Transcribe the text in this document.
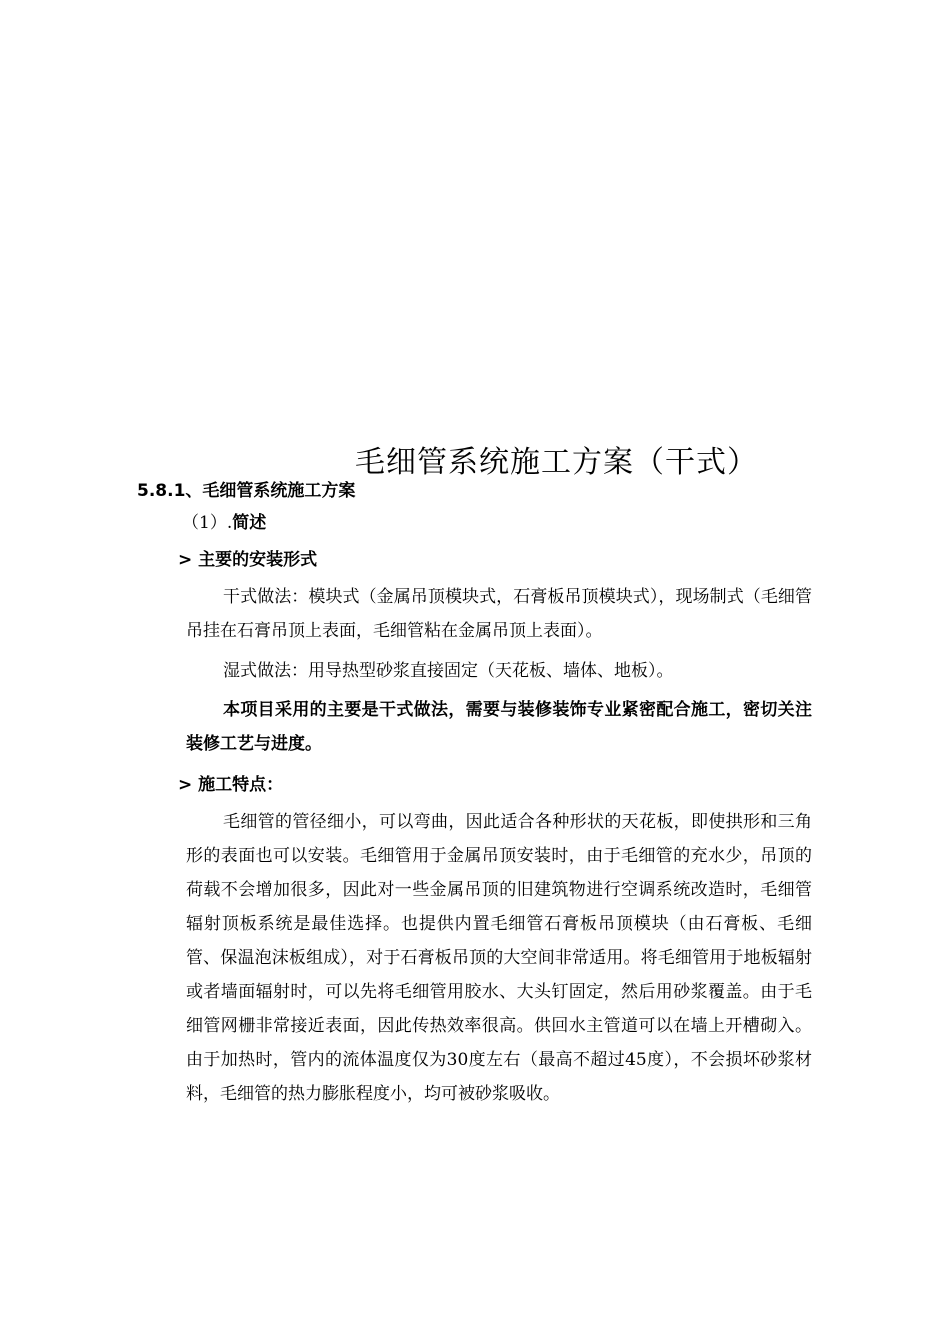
毛细管系统施工方案（干式）
5.8.1、毛细管系统施工方案
（1）.简述
> 主要的安装形式

干式做法：模块式（金属吊顶模块式，石膏板吊顶模块式），现场制式（毛细管吊挂在石膏吊顶上表面，毛细管粘在金属吊顶上表面）。

湿式做法：用导热型砂浆直接固定（天花板、墙体、地板）。

本项目采用的主要是干式做法，需要与装修装饰专业紧密配合施工，密切关注装修工艺与进度。

> 施工特点：

毛细管的管径细小，可以弯曲，因此适合各种形状的天花板，即使拱形和三角形的表面也可以安装。毛细管用于金属吊顶安装时，由于毛细管的充水少，吊顶的荷载不会增加很多，因此对一些金属吊顶的旧建筑物进行空调系统改造时，毛细管辐射顶板系统是最佳选择。也提供内置毛细管石膏板吊顶模块（由石膏板、毛细管、保温泡沫板组成），对于石膏板吊顶的大空间非常适用。将毛细管用于地板辐射或者墙面辐射时，可以先将毛细管用胶水、大头钉固定，然后用砂浆覆盖。由于毛细管网栅非常接近表面，因此传热效率很高。供回水主管道可以在墙上开槽砌入。由于加热时，管内的流体温度仅为30度左右（最高不超过45度），不会损坏砂浆材料，毛细管的热力膨胀程度小，均可被砂浆吸收。
